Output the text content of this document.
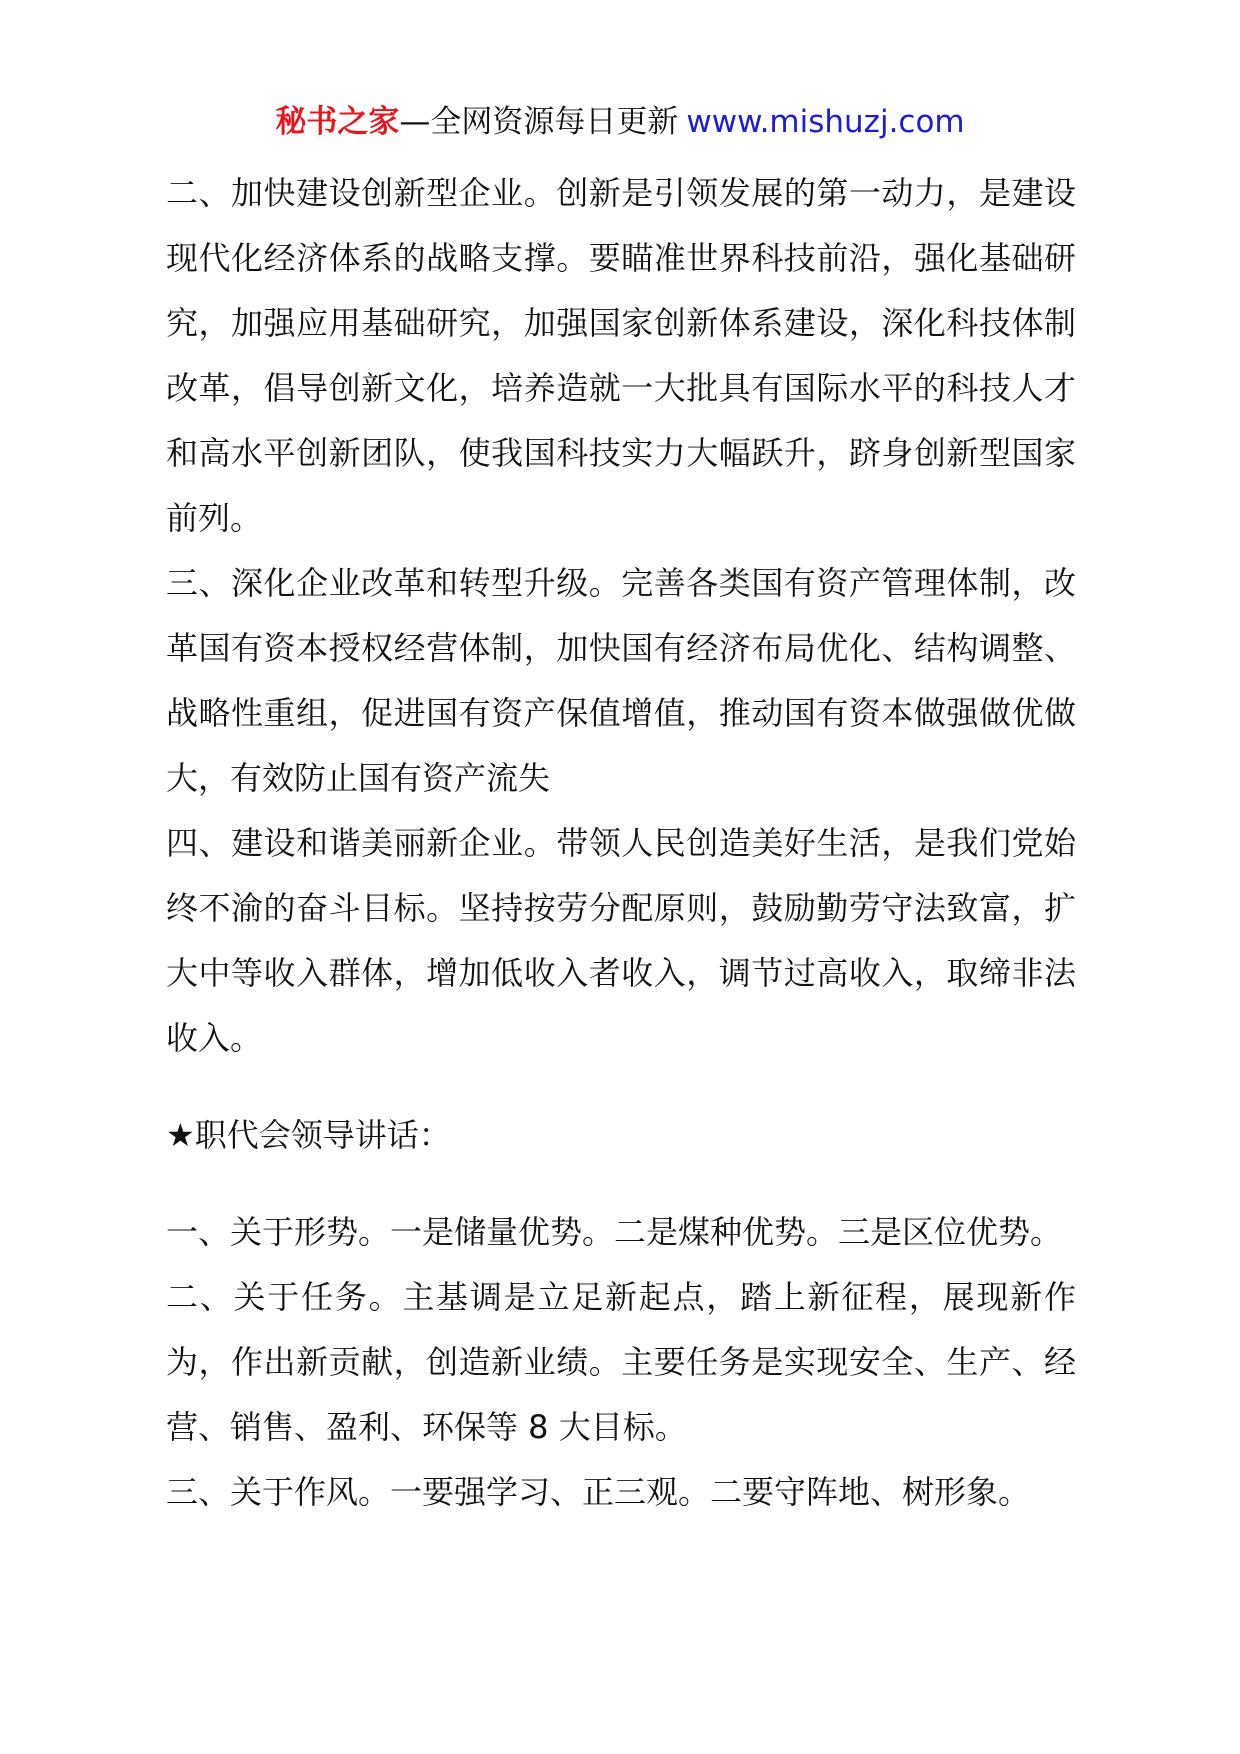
秘书之家—全网资源每日更新 www.mishuzj.com

二、加快建设创新型企业。创新是引领发展的第一动力，是建设现代化经济体系的战略支撑。要瞄准世界科技前沿，强化基础研究，加强应用基础研究，加强国家创新体系建设，深化科技体制改革，倡导创新文化，培养造就一大批具有国际水平的科技人才和高水平创新团队，使我国科技实力大幅跃升，跻身创新型国家前列。

三、深化企业改革和转型升级。完善各类国有资产管理体制，改革国有资本授权经营体制，加快国有经济布局优化、结构调整、战略性重组，促进国有资产保值增值，推动国有资本做强做优做大，有效防止国有资产流失

四、建设和谐美丽新企业。带领人民创造美好生活，是我们党始终不渝的奋斗目标。坚持按劳分配原则，鼓励勤劳守法致富，扩大中等收入群体，增加低收入者收入，调节过高收入，取缔非法收入。

★职代会领导讲话：

一、关于形势。一是储量优势。二是煤种优势。三是区位优势。

二、关于任务。主基调是立足新起点，踏上新征程，展现新作为，作出新贡献，创造新业绩。主要任务是实现安全、生产、经营、销售、盈利、环保等 8 大目标。

三、关于作风。一要强学习、正三观。二要守阵地、树形象。
